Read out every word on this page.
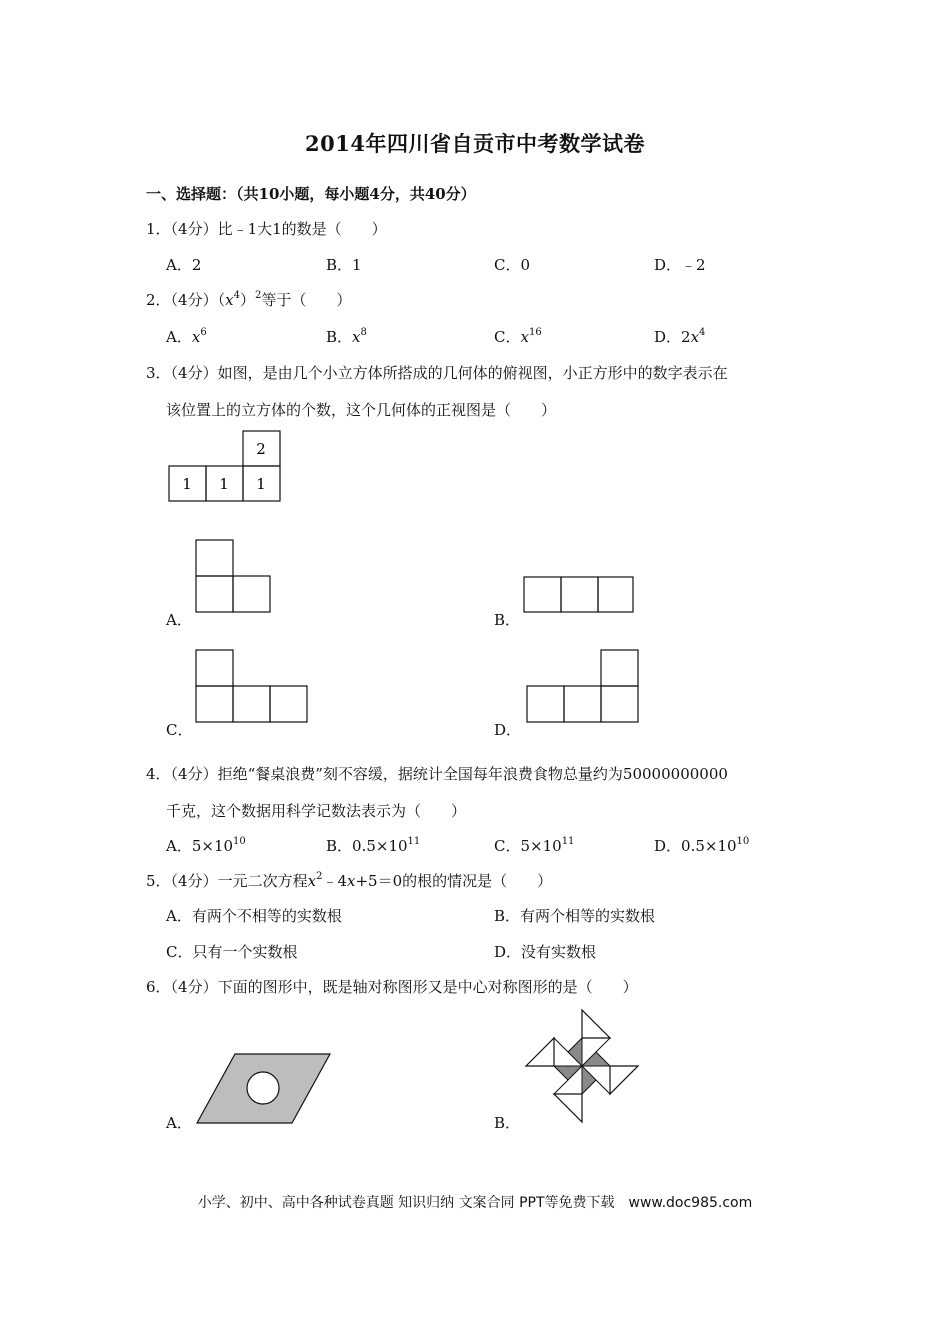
2014年四川省自贡市中考数学试卷
一、选择题：（共10小题，每小题4分，共40分）
1．（4分）比﹣1大1的数是（　　）
A．2	B．1	C．0	D．﹣2
2．（4分）$(x^4)^2$等于（　　）
A．$x^6$	B．$x^8$	C．$x^{16}$	D．$2x^4$
3．（4分）如图，是由几个小立方体所搭成的几何体的俯视图，小正方形中的数字表示在
该位置上的立方体的个数，这个几何体的正视图是（　　）
2
1 1 1
A．	B．
C．	D．
4．（4分）拒绝“餐桌浪费”刻不容缓，据统计全国每年浪费食物总量约为50000000000
千克，这个数据用科学记数法表示为（　　）
A．$5\times 10^{10}$	B．$0.5\times 10^{11}$	C．$5\times 10^{11}$	D．$0.5\times 10^{10}$
5．（4分）一元二次方程$x^2﹣4x+5=0$的根的情况是（　　）
A．有两个不相等的实数根	B．有两个相等的实数根
C．只有一个实数根	D．没有实数根
6．（4分）下面的图形中，既是轴对称图形又是中心对称图形的是（　　）
A．	B．
小学、初中、高中各种试卷真题 知识归纳 文案合同 PPT等免费下载　www.doc985.com
